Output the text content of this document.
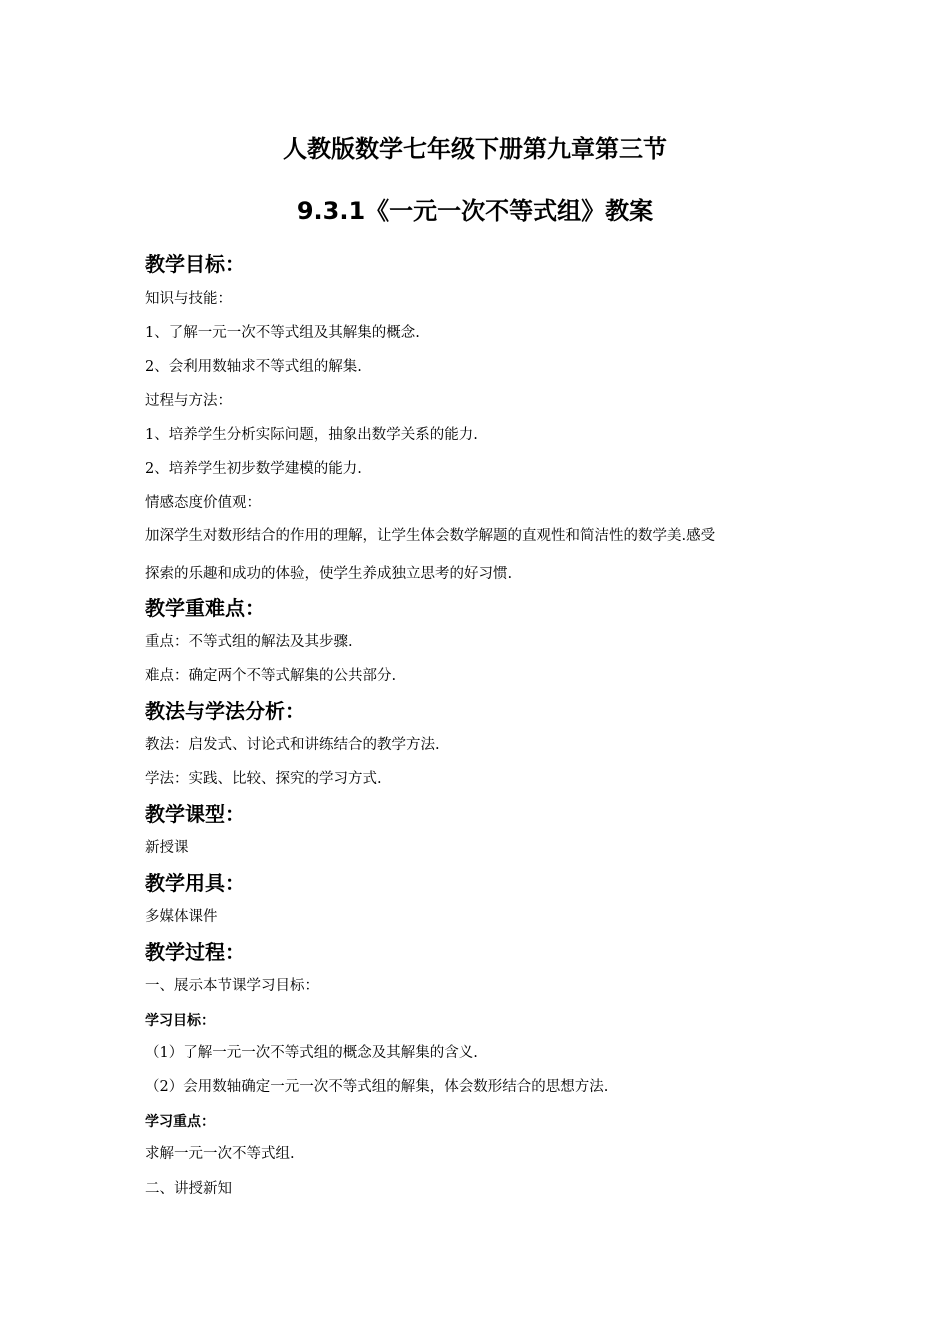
人教版数学七年级下册第九章第三节
9.3.1《一元一次不等式组》教案
教学目标：
知识与技能：
1、了解一元一次不等式组及其解集的概念.
2、会利用数轴求不等式组的解集.
过程与方法：
1、培养学生分析实际问题，抽象出数学关系的能力.
2、培养学生初步数学建模的能力.
情感态度价值观：
加深学生对数形结合的作用的理解，让学生体会数学解题的直观性和简洁性的数学美.感受
探索的乐趣和成功的体验，使学生养成独立思考的好习惯.
教学重难点：
重点：不等式组的解法及其步骤.
难点：确定两个不等式解集的公共部分.
教法与学法分析：
教法：启发式、讨论式和讲练结合的教学方法.
学法：实践、比较、探究的学习方式.
教学课型：
新授课
教学用具：
多媒体课件
教学过程：
一、展示本节课学习目标：
学习目标：
（1）了解一元一次不等式组的概念及其解集的含义.
（2）会用数轴确定一元一次不等式组的解集，体会数形结合的思想方法.
学习重点：
求解一元一次不等式组.
二、讲授新知
